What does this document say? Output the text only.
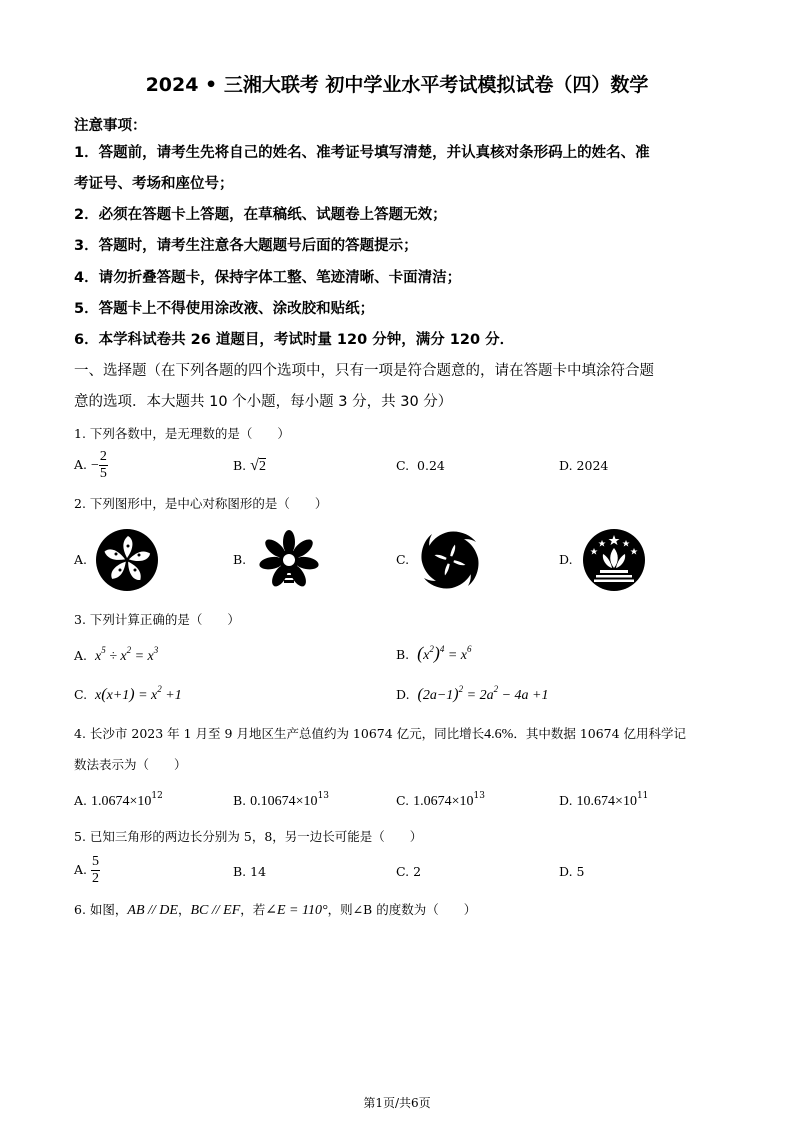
2024 • 三湘大联考 初中学业水平考试模拟试卷（四）数学
注意事项：
1．答题前，请考生先将自己的姓名、准考证号填写清楚，并认真核对条形码上的姓名、准
考证号、考场和座位号；
2．必须在答题卡上答题，在草稿纸、试题卷上答题无效；
3．答题时，请考生注意各大题题号后面的答题提示；
4．请勿折叠答题卡，保持字体工整、笔迹清晰、卡面清洁；
5．答题卡上不得使用涂改液、涂改胶和贴纸；
6．本学科试卷共 26 道题目，考试时量 120 分钟，满分 120 分．
一、选择题（在下列各题的四个选项中，只有一项是符合题意的，请在答题卡中填涂符合题
意的选项．本大题共 10 个小题，每小题 3 分，共 30 分）
1. 下列各数中，是无理数的是（　　）
A. − $\frac{2}{5}$	B. √2	C. 0.24	D. 2024
2. 下列图形中，是中心对称图形的是（　　）
A.	B.	C.	D.
3. 下列计算正确的是（　　）
A. $x^5 \div x^2 = x^3$	B. $(x^2)^4 = x^6$
C. $x(x+1) = x^2 +1$	D. $(2a-1)^2 = 2a^2 - 4a +1$
4. 长沙市 2023 年 1 月至 9 月地区生产总值约为 10674 亿元，同比增长4.6%．其中数据 10674 亿用科学记
数法表示为（　　）
A. $1.0674\times 10^{12}$	B. $0.10674\times 10^{13}$	C. $1.0674\times 10^{13}$	D. $10.674\times 10^{11}$
5. 已知三角形的两边长分别为 5，8，另一边长可能是（　　）
A. $\frac{5}{2}$	B. 14	C. 2	D. 5
6. 如图，AB // DE，BC // EF，若∠E = 110°，则∠B 的度数为（　　）
第1页/共6页
